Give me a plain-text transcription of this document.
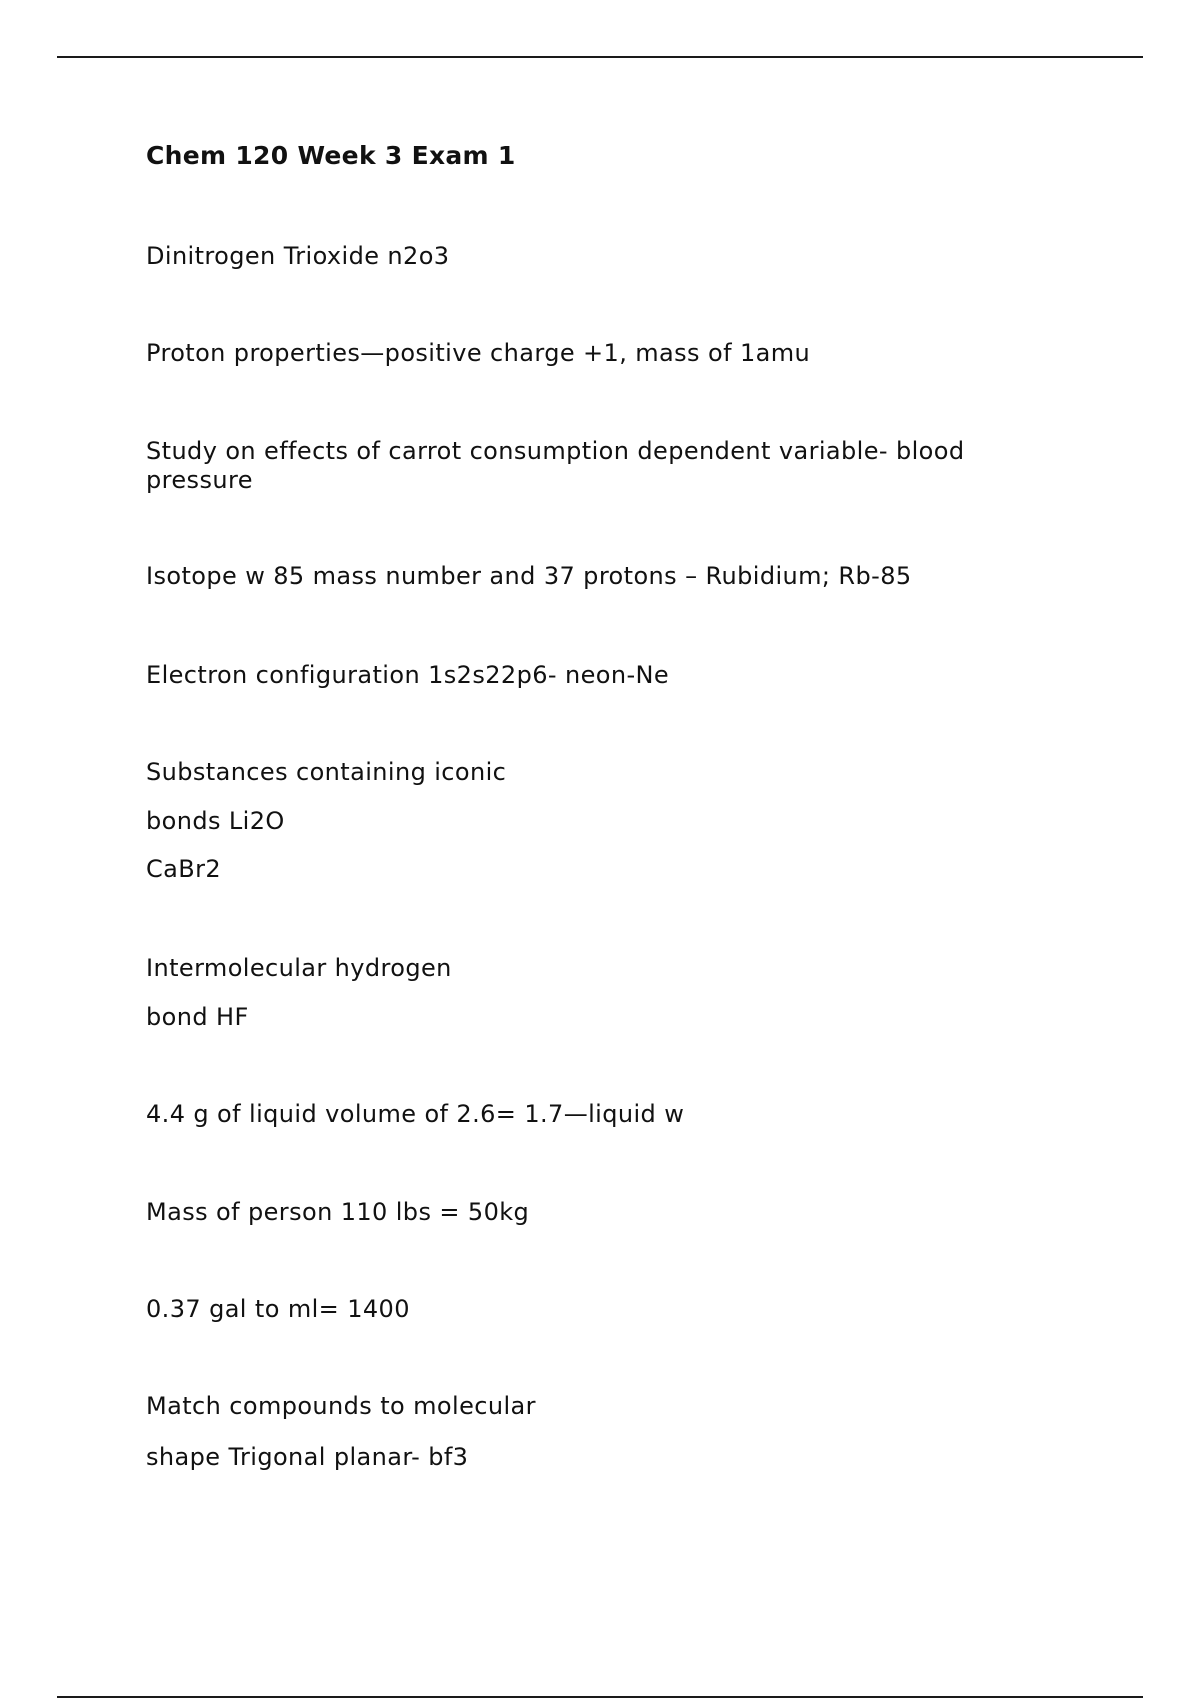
Chem 120 Week 3 Exam 1
Dinitrogen Trioxide n2o3
Proton properties—positive charge +1, mass of 1amu
Study on effects of carrot consumption dependent variable- blood pressure
Isotope w 85 mass number and 37 protons – Rubidium; Rb-85
Electron configuration 1s2s22p6- neon-Ne
Substances containing iconic
bonds Li2O
CaBr2
Intermolecular hydrogen
bond HF
4.4 g of liquid volume of 2.6= 1.7—liquid w
Mass of person 110 lbs = 50kg
0.37 gal to ml= 1400
Match compounds to molecular
shape Trigonal planar- bf3
